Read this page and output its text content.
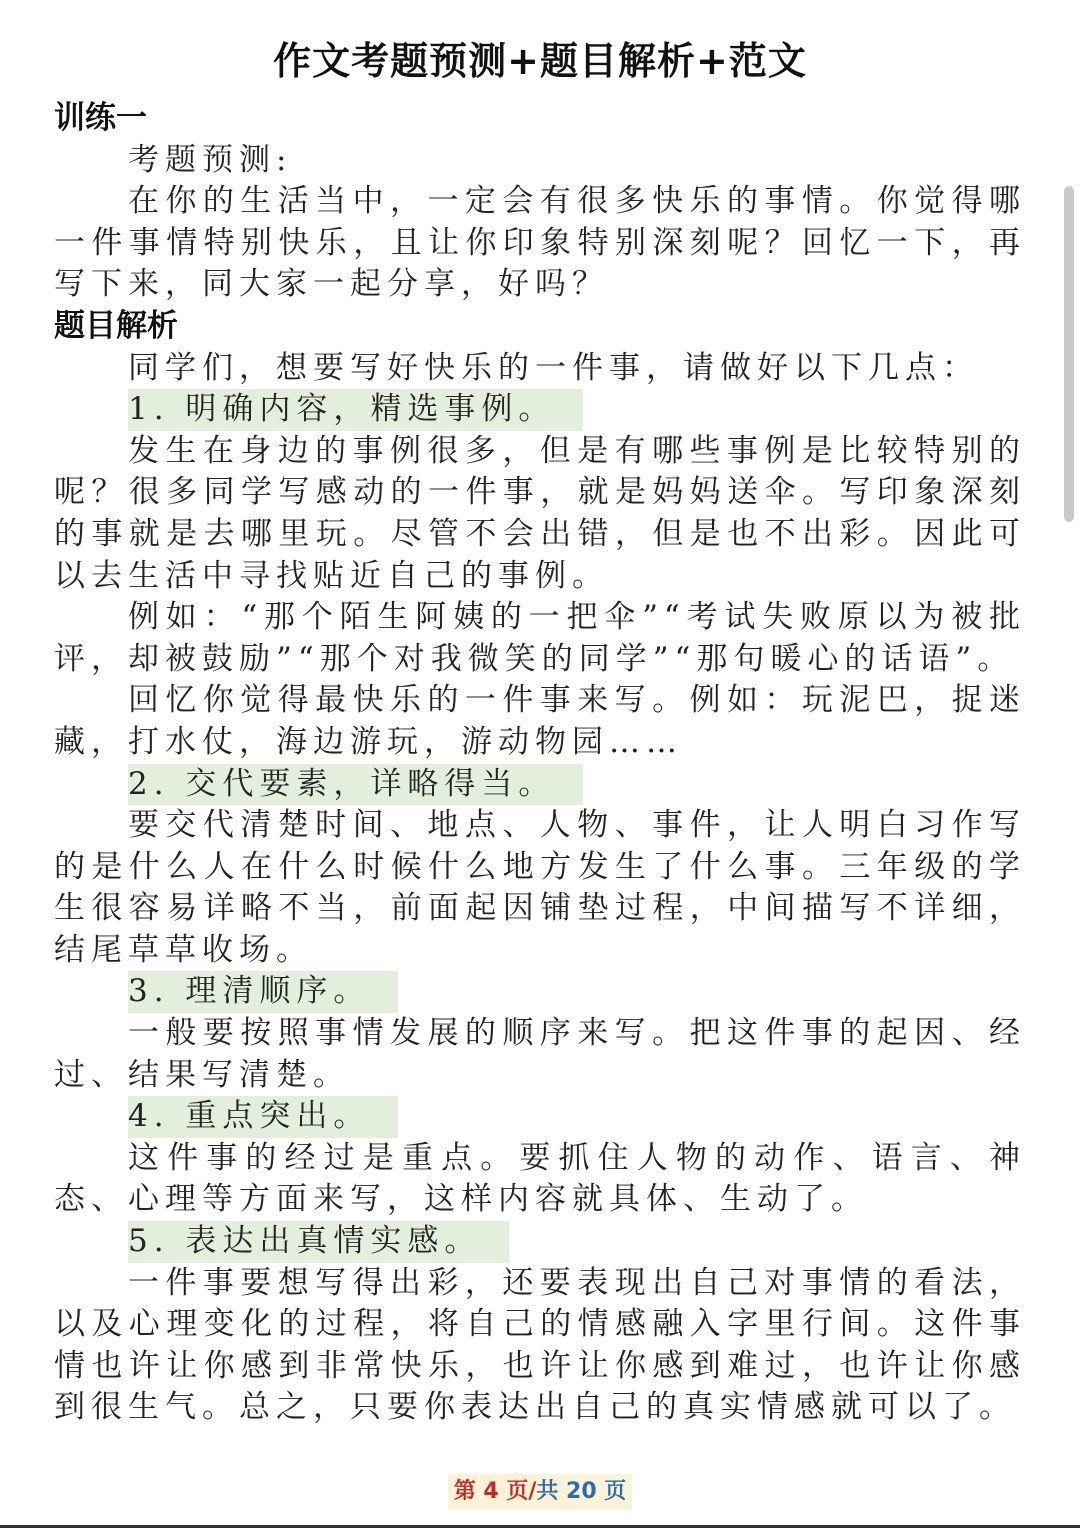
作文考题预测+题目解析+范文

训练一

考题预测:

在你的生活当中，一定会有很多快乐的事情。你觉得哪一件事情特别快乐，且让你印象特别深刻呢？回忆一下，再写下来，同大家一起分享，好吗？

题目解析

同学们，想要写好快乐的一件事，请做好以下几点：

1. 明确内容，精选事例。

发生在身边的事例很多，但是有哪些事例是比较特别的呢？很多同学写感动的一件事，就是妈妈送伞。写印象深刻的事就是去哪里玩。尽管不会出错，但是也不出彩。因此可以去生活中寻找贴近自己的事例。

例如：“那个陌生阿姨的一把伞”“考试失败原以为被批评，却被鼓励”“那个对我微笑的同学”“那句暖心的话语”。

回忆你觉得最快乐的一件事来写。例如：玩泥巴，捉迷藏，打水仗，海边游玩，游动物园……

2. 交代要素，详略得当。

要交代清楚时间、地点、人物、事件，让人明白习作写的是什么人在什么时候什么地方发生了什么事。三年级的学生很容易详略不当，前面起因铺垫过程，中间描写不详细，结尾草草收场。

3. 理清顺序。

一般要按照事情发展的顺序来写。把这件事的起因、经过、结果写清楚。

4. 重点突出。

这件事的经过是重点。要抓住人物的动作、语言、神态、心理等方面来写，这样内容就具体、生动了。

5. 表达出真情实感。

一件事要想写得出彩，还要表现出自己对事情的看法，以及心理变化的过程，将自己的情感融入字里行间。这件事情也许让你感到非常快乐，也许让你感到难过，也许让你感到很生气。总之，只要你表达出自己的真实情感就可以了。

第 4 页/共 20 页
